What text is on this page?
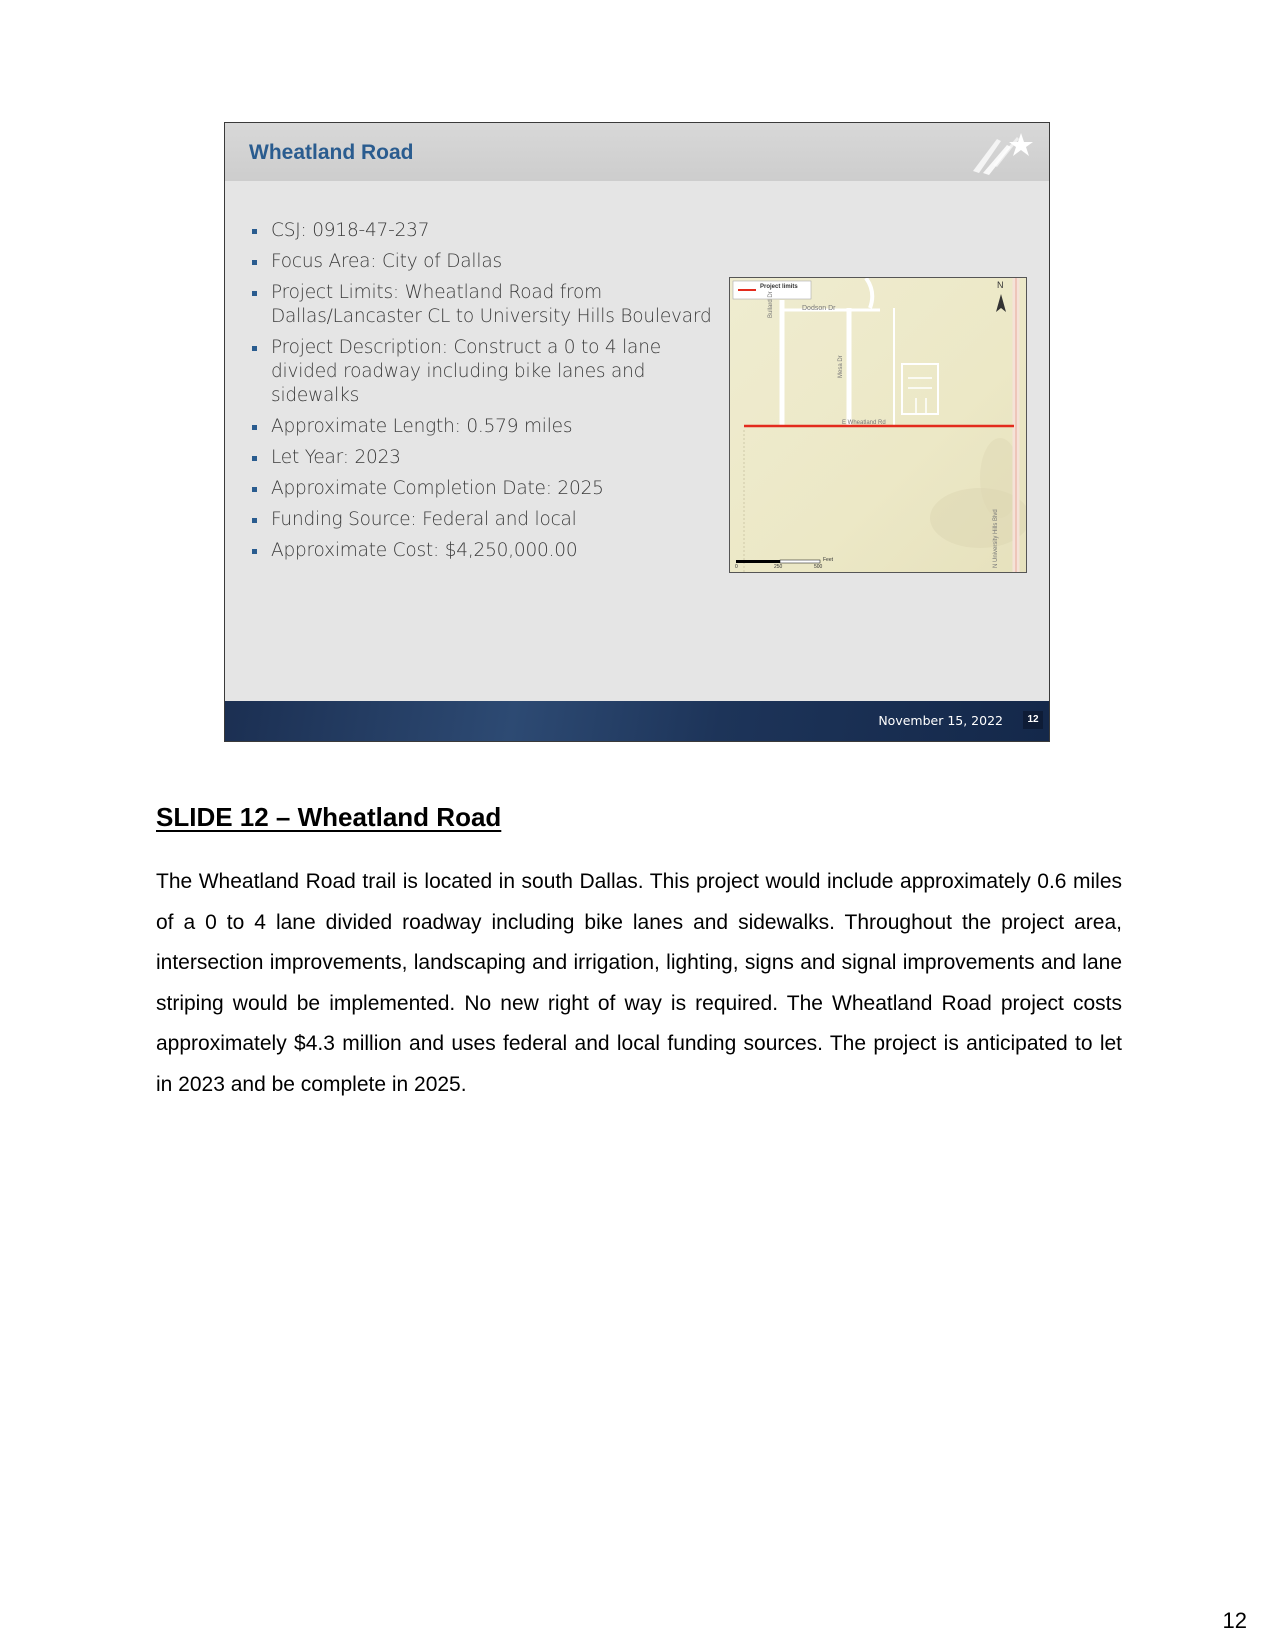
Wheatland Road
CSJ: 0918-47-237
Focus Area: City of Dallas
Project Limits: Wheatland Road from Dallas/Lancaster CL to University Hills Boulevard
Project Description: Construct a 0 to 4 lane divided roadway including bike lanes and sidewalks
Approximate Length: 0.579 miles
Let Year: 2023
Approximate Completion Date: 2025
Funding Source: Federal and local
Approximate Cost: $4,250,000.00
Project limits	N
Dodson Dr
Bullard Dr
Mesa Dr
E Wheatland Rd
N University Hills Blvd
0	250	500
Feet
November 15, 2022	12
SLIDE 12 – Wheatland Road

The Wheatland Road trail is located in south Dallas. This project would include approximately 0.6 miles of a 0 to 4 lane divided roadway including bike lanes and sidewalks. Throughout the project area, intersection improvements, landscaping and irrigation, lighting, signs and signal improvements and lane striping would be implemented. No new right of way is required. The Wheatland Road project costs approximately $4.3 million and uses federal and local funding sources. The project is anticipated to let in 2023 and be complete in 2025.

12
